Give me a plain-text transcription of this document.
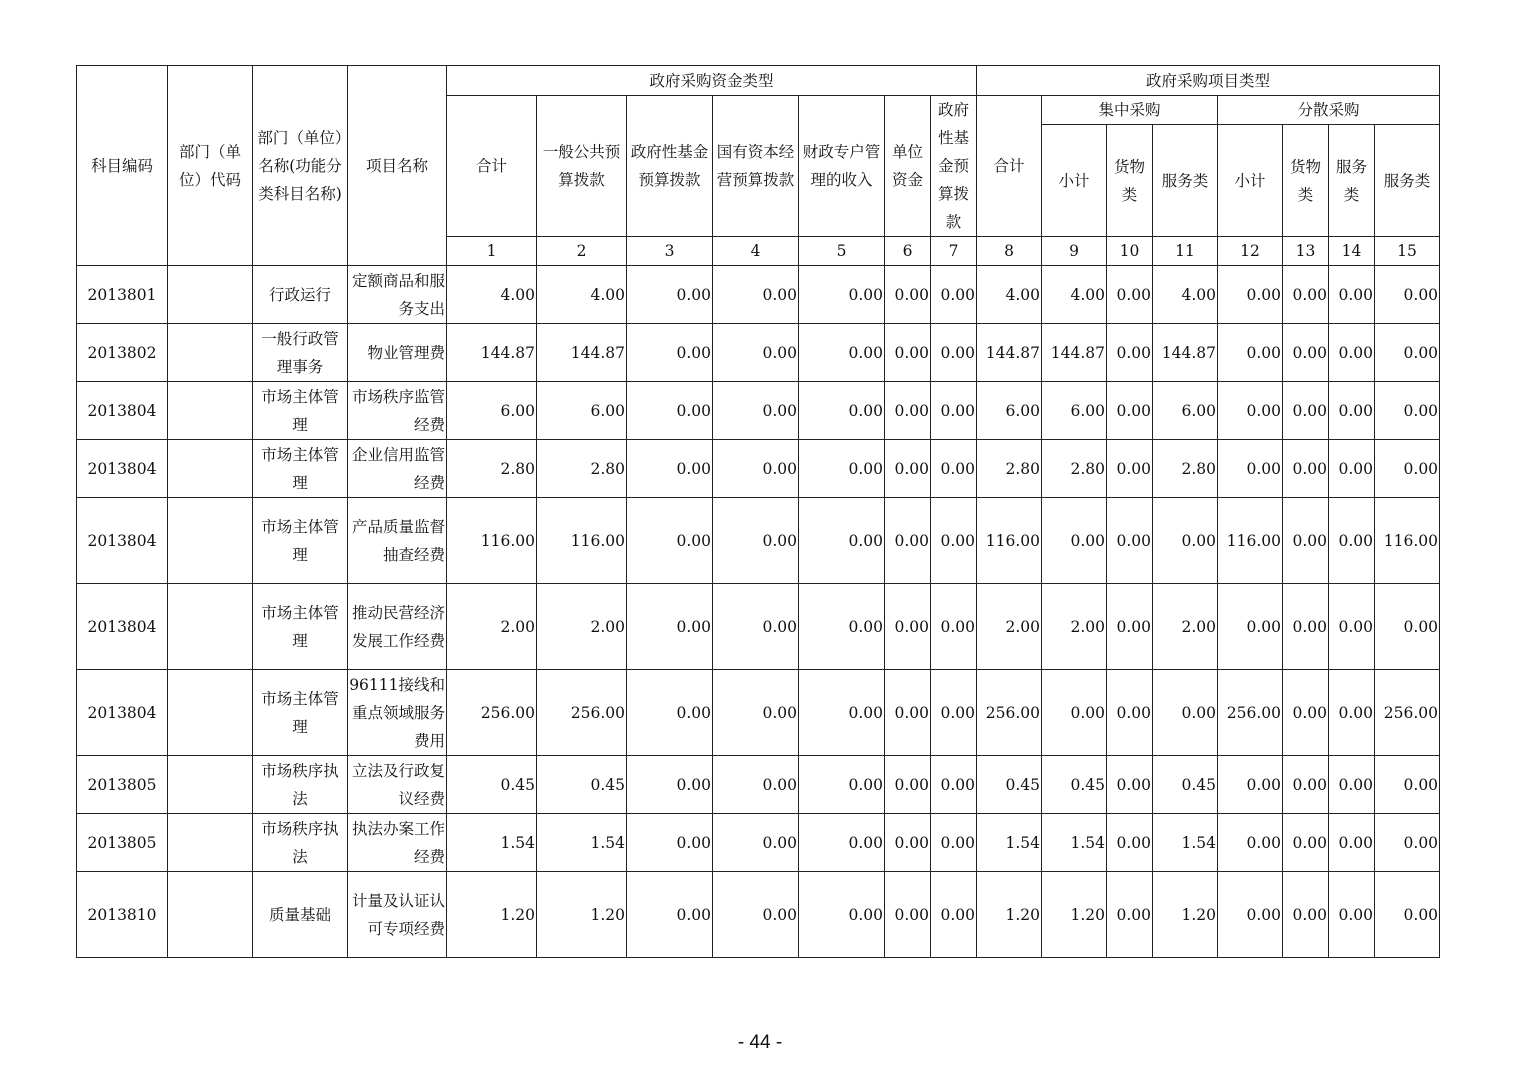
科目编码	部门（单位）代码	部门（单位）名称(功能分类科目名称)	项目名称	政府采购资金类型							政府采购项目类型							
				合计	一般公共预算拨款	政府性基金预算拨款	国有资本经营预算拨款	财政专户管理的收入	单位资金	政府性基金预算拨款	合计	集中采购			分散采购			
												小计	货物类	服务类	小计	货物类	服务类	服务类
				1	2	3	4	5	6	7	8	9	10	11	12	13	14	15
2013801		行政运行	定额商品和服务支出	4.00	4.00	0.00	0.00	0.00	0.00	0.00	4.00	4.00	0.00	4.00	0.00	0.00	0.00	0.00
2013802		一般行政管理事务	物业管理费	144.87	144.87	0.00	0.00	0.00	0.00	0.00	144.87	144.87	0.00	144.87	0.00	0.00	0.00	0.00
2013804		市场主体管理	市场秩序监管经费	6.00	6.00	0.00	0.00	0.00	0.00	0.00	6.00	6.00	0.00	6.00	0.00	0.00	0.00	0.00
2013804		市场主体管理	企业信用监管经费	2.80	2.80	0.00	0.00	0.00	0.00	0.00	2.80	2.80	0.00	2.80	0.00	0.00	0.00	0.00
2013804		市场主体管理	产品质量监督抽查经费	116.00	116.00	0.00	0.00	0.00	0.00	0.00	116.00	0.00	0.00	0.00	116.00	0.00	0.00	116.00
2013804		市场主体管理	推动民营经济发展工作经费	2.00	2.00	0.00	0.00	0.00	0.00	0.00	2.00	2.00	0.00	2.00	0.00	0.00	0.00	0.00
2013804		市场主体管理	96111接线和重点领域服务费用	256.00	256.00	0.00	0.00	0.00	0.00	0.00	256.00	0.00	0.00	0.00	256.00	0.00	0.00	256.00
2013805		市场秩序执法	立法及行政复议经费	0.45	0.45	0.00	0.00	0.00	0.00	0.00	0.45	0.45	0.00	0.45	0.00	0.00	0.00	0.00
2013805		市场秩序执法	执法办案工作经费	1.54	1.54	0.00	0.00	0.00	0.00	0.00	1.54	1.54	0.00	1.54	0.00	0.00	0.00	0.00
2013810		质量基础	计量及认证认可专项经费	1.20	1.20	0.00	0.00	0.00	0.00	0.00	1.20	1.20	0.00	1.20	0.00	0.00	0.00	0.00
- 44 -
